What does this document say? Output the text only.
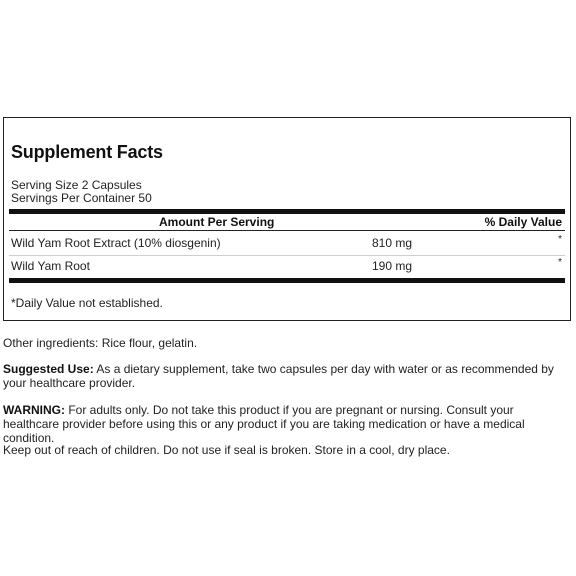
Supplement Facts
Serving Size 2 Capsules
Servings Per Container 50
Amount Per Serving	% Daily Value
Wild Yam Root Extract (10% diosgenin)	810 mg	*
Wild Yam Root	190 mg	*
*Daily Value not established.

Other ingredients: Rice flour, gelatin.

Suggested Use: As a dietary supplement, take two capsules per day with water or as recommended by your healthcare provider.

WARNING: For adults only. Do not take this product if you are pregnant or nursing. Consult your healthcare provider before using this or any product if you are taking medication or have a medical condition.

Keep out of reach of children. Do not use if seal is broken. Store in a cool, dry place.
